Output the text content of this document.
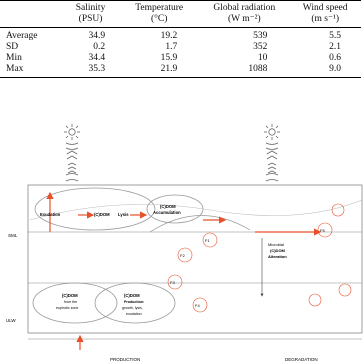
	Salinity	Temperature	Global radiation	Wind speed
	(PSU)	(°C)	(W m⁻²)	(m s⁻¹)
Average	34.9	19.2	539	5.5
SD	0.2	1.7	352	2.1
Min	34.4	15.9	10	0.6
Max	35.3	21.9	1088	9.0
SML
ULW
Exudation	(C)DOM Lysis
(C)DOM
Accumulation
Microbial
(C)DOM
Alteration
(C)DOM
from the
euphotic zone
(C)DOM
Production:
growth, lysis,
exudation
F1
F2
F3
F4
F5
PRODUCTION	DEGRADATION
